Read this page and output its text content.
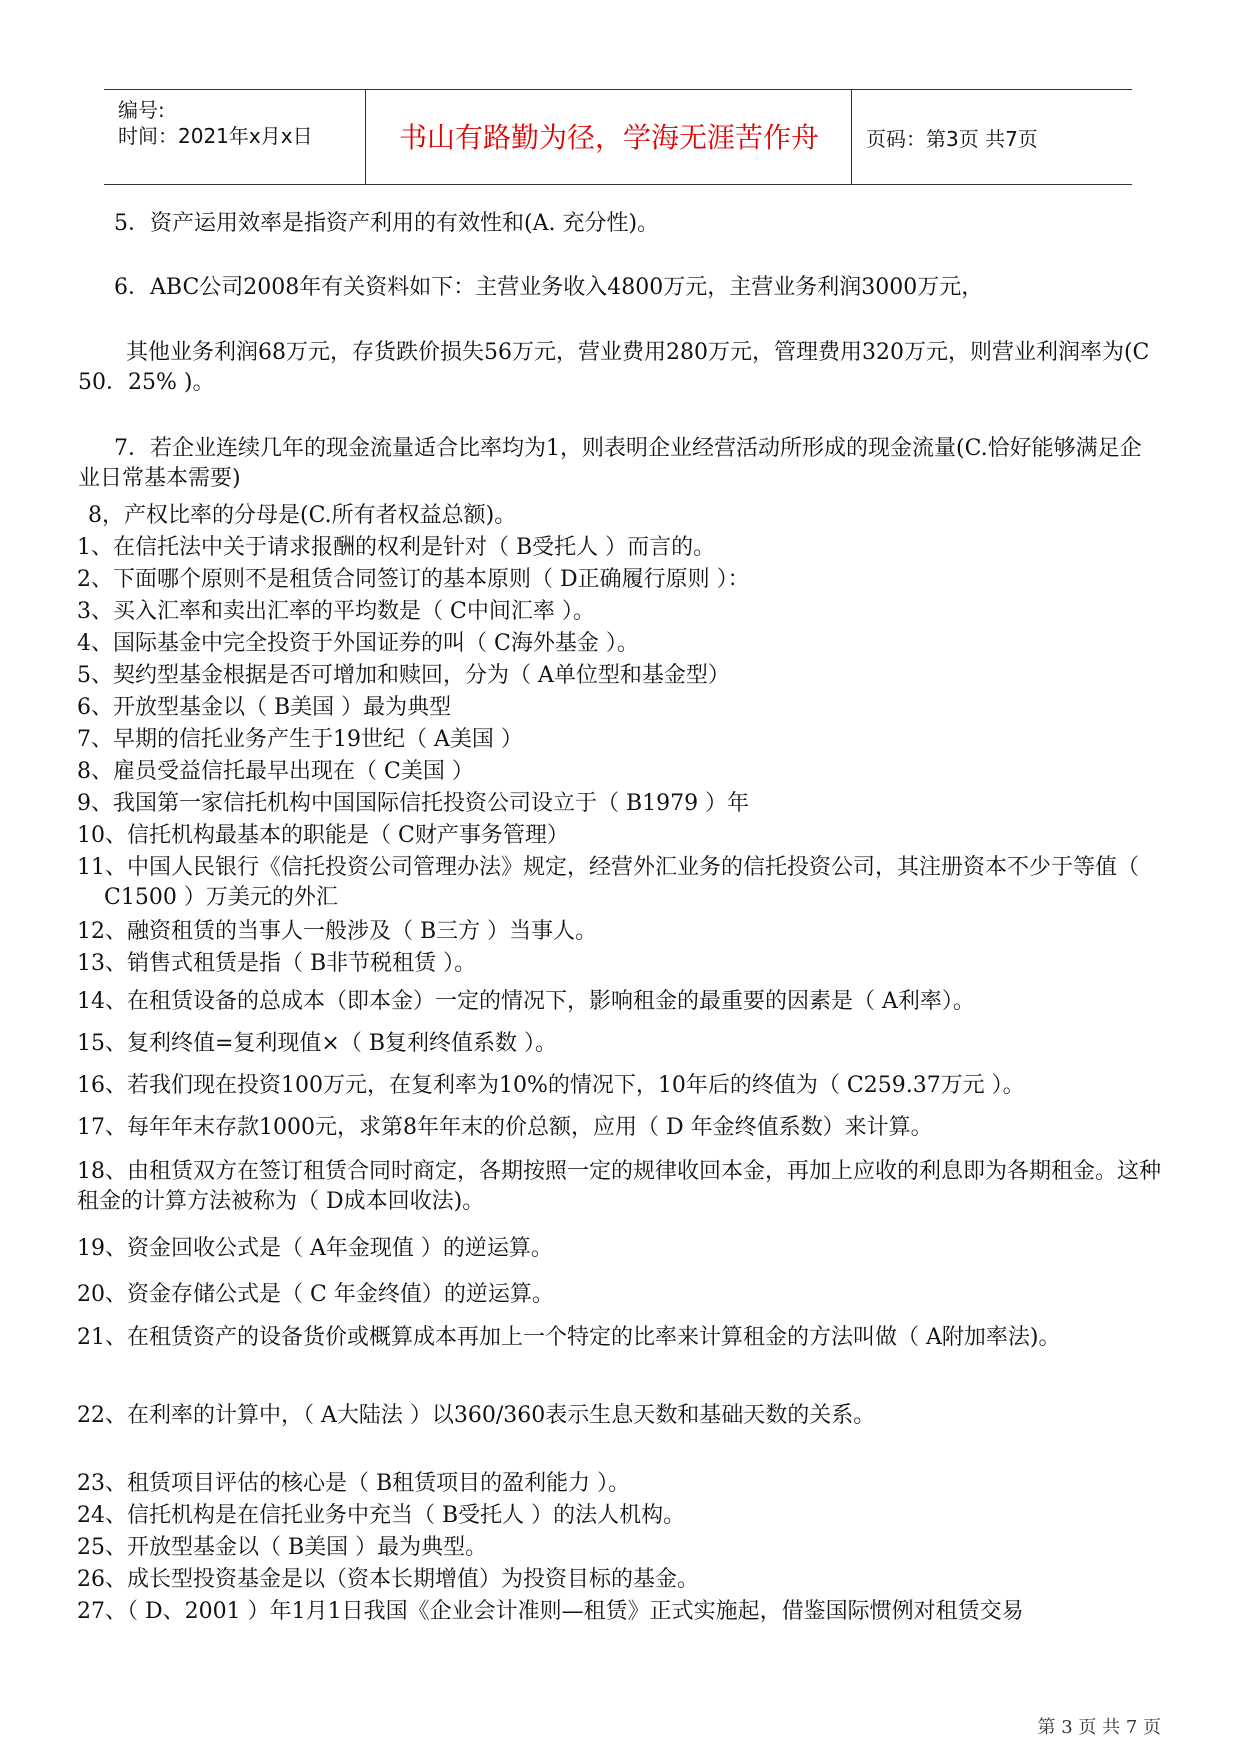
编号:
时间：2021年x月x日	书山有路勤为径，学海无涯苦作舟	页码：第3页 共7页
5．资产运用效率是指资产利用的有效性和(A. 充分性)。
6．ABC公司2008年有关资料如下：主营业务收入4800万元，主营业务利润3000万元，
其他业务利润68万元，存货跌价损失56万元，营业费用280万元，管理费用320万元，则营业利润率为(C 50．25% )。
7．若企业连续几年的现金流量适合比率均为1，则表明企业经营活动所形成的现金流量(C.恰好能够满足企业日常基本需要)
8，产权比率的分母是(C.所有者权益总额)。
1、在信托法中关于请求报酬的权利是针对（ B受托人 ）而言的。
2、下面哪个原则不是租赁合同签订的基本原则（ D正确履行原则 ）：
3、买入汇率和卖出汇率的平均数是（ C中间汇率 ）。
4、国际基金中完全投资于外国证券的叫（ C海外基金 ）。
5、契约型基金根据是否可增加和赎回，分为（ A单位型和基金型）
6、开放型基金以（ B美国 ）最为典型
7、早期的信托业务产生于19世纪（ A美国 ）
8、雇员受益信托最早出现在（ C美国 ）
9、我国第一家信托机构中国国际信托投资公司设立于（ B1979 ）年
10、信托机构最基本的职能是（ C财产事务管理）
11、中国人民银行《信托投资公司管理办法》规定，经营外汇业务的信托投资公司，其注册资本不少于等值（ C1500 ）万美元的外汇
12、融资租赁的当事人一般涉及（ B三方 ）当事人。
13、销售式租赁是指（ B非节税租赁 ）。
14、在租赁设备的总成本（即本金）一定的情况下，影响租金的最重要的因素是（ A利率）。
15、复利终值=复利现值×（ B复利终值系数 ）。
16、若我们现在投资100万元，在复利率为10%的情况下，10年后的终值为（ C259.37万元 ）。
17、每年年末存款1000元，求第8年年末的价总额，应用（ D 年金终值系数）来计算。
18、由租赁双方在签订租赁合同时商定，各期按照一定的规律收回本金，再加上应收的利息即为各期租金。这种租金的计算方法被称为（ D成本回收法)。
19、资金回收公式是（ A年金现值 ）的逆运算。
20、资金存储公式是（ C 年金终值）的逆运算。
21、在租赁资产的设备货价或概算成本再加上一个特定的比率来计算租金的方法叫做（ A附加率法)。
22、在利率的计算中，（ A大陆法 ）以360/360表示生息天数和基础天数的关系。
23、租赁项目评估的核心是（ B租赁项目的盈利能力 ）。
24、信托机构是在信托业务中充当（ B受托人 ）的法人机构。
25、开放型基金以（ B美国 ）最为典型。
26、成长型投资基金是以（资本长期增值）为投资目标的基金。
27、（ D、2001 ）年1月1日我国《企业会计准则—租赁》正式实施起，借鉴国际惯例对租赁交易
第 3 页 共 7 页
